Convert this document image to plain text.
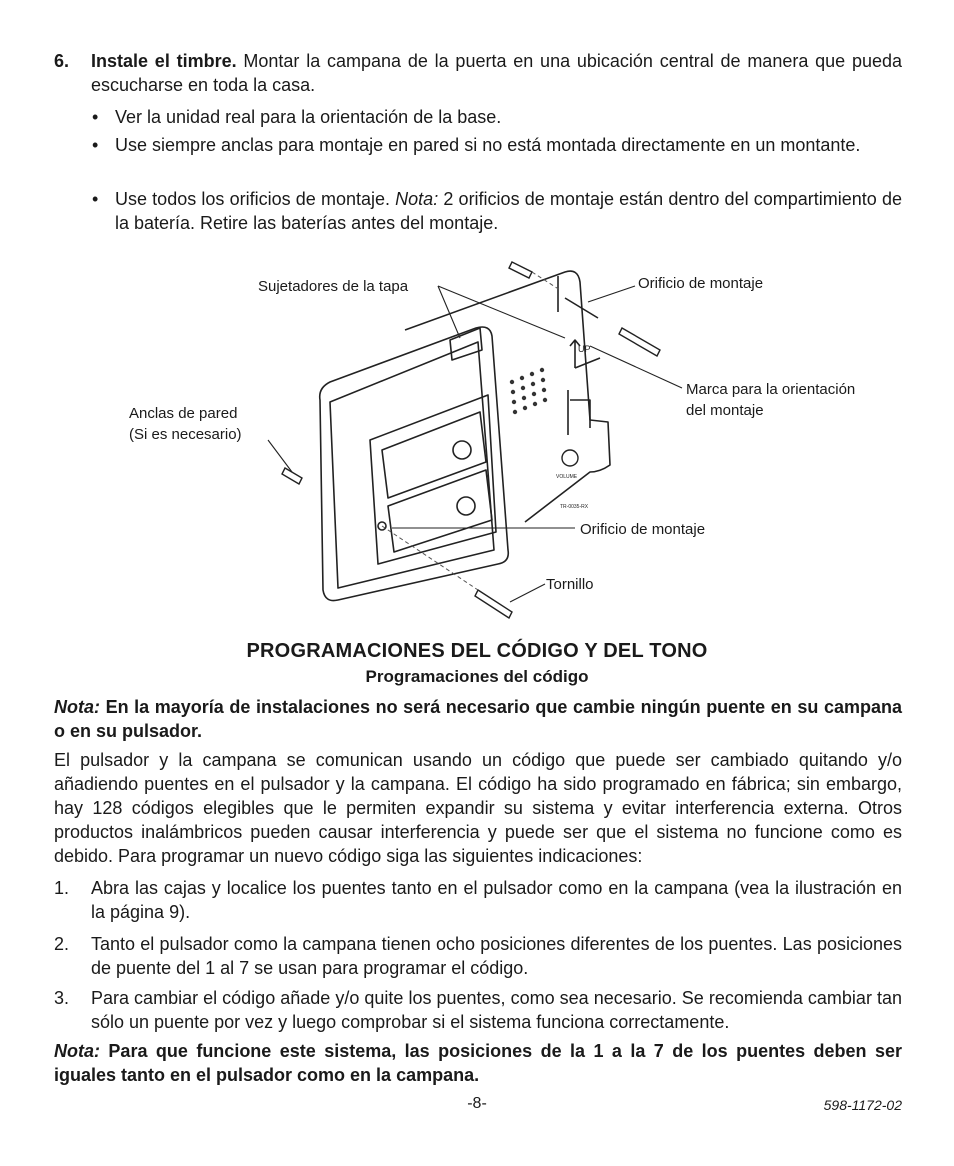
6. Instale el timbre. Montar la campana de la puerta en una ubicación central de manera que pueda escucharse en toda la casa.

• Ver la unidad real para la orientación de la base.

• Use siempre anclas para montaje en pared si no está montada directamente en un montante.

• Use todos los orificios de montaje. Nota: 2 orificios de montaje están dentro del compartimiento de la batería. Retire las baterías antes del montaje.

UP
VOLUME
TR-0035-RX
Sujetadores de la tapa	Orificio de montaje
Marca para la orientación
del montaje
Anclas de pared
(Si es necesario)
Orificio de montaje
Tornillo
PROGRAMACIONES DEL CÓDIGO Y DEL TONO
Programaciones del código

Nota: En la mayoría de instalaciones no será necesario que cambie ningún puente en su campana o en su pulsador.

El pulsador y la campana se comunican usando un código que puede ser cambiado quitando y/o añadiendo puentes en el pulsador y la campana. El código ha sido programado en fábrica; sin embargo, hay 128 códigos elegibles que le permiten expandir su sistema y evitar interferencia externa. Otros productos inalámbricos pueden causar interferencia y puede ser que el sistema no funcione como es debido. Para programar un nuevo código siga las siguientes indicaciones:

1. Abra las cajas y localice los puentes tanto en el pulsador como en la campana (vea la ilustración en la página 9).

2. Tanto el pulsador como la campana tienen ocho posiciones diferentes de los puentes. Las posiciones de puente del 1 al 7 se usan para programar el código.

3. Para cambiar el código añade y/o quite los puentes, como sea necesario. Se recomienda cambiar tan sólo un puente por vez y luego comprobar si el sistema funciona correctamente.

Nota: Para que funcione este sistema, las posiciones de la 1 a la 7 de los puentes deben ser iguales tanto en el pulsador como en la campana.

-8-	598-1172-02
